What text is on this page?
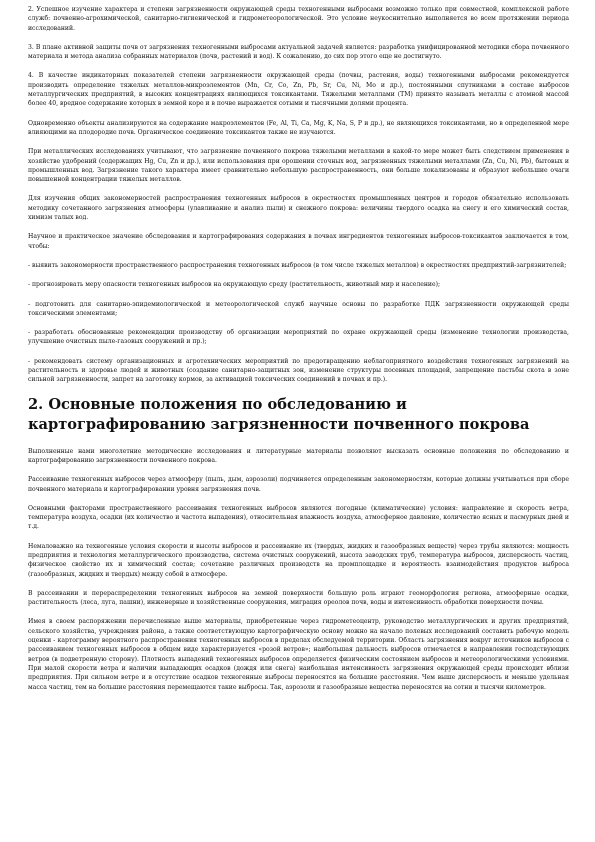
2. Успешное изучение характера и степени загрязненности окружающей среды техногенными выбросами возможно только при совместной, комплексной работе служб: почвенно-агрохимической, санитарно-гигиенической и гидрометеорологической. Это условие неукоснительно выполняется во всем протяжении периода исследований.

3. В плане активной защиты почв от загрязнения техногенными выбросами актуальной задачей является: разработка унифицированной методики сбора почвенного материала и метода анализа собранных материалов (почв, растений и вод). К сожалению, до сих пор этого еще не достигнуто.

4. В качестве индикаторных показателей степени загрязненности окружающей среды (почвы, растения, воды) техногенными выбросами рекомендуется производить определение тяжелых металлов-микроэлементов (Mn, Cr, Co, Zn, Pb, Sr, Cu, Ni, Mo и др.), постоянными спутниками в составе выбросов металлургических предприятий, в высоких концентрациях являющихся токсикантами. Тяжелыми металлами (ТМ) принято называть металлы с атомной массой более 40, вредное содержание которых в земной коре и в почве выражается сотыми и тысячными долями процента.

Одновременно объекты анализируются на содержание макроэлементов (Fe, Al, Ti, Ca, Mg, K, Na, S, P и др.), не являющихся токсикантами, но в определенной мере влияющими на плодородие почв. Органическое соединение токсикантов также не изучаются.

При металлических исследованиях учитывают, что загрязнение почвенного покрова тяжелыми металлами в какой-то мере может быть следствием применения в хозяйстве удобрений (содержащих Hg, Cu, Zn и др.), или использования при орошении сточных вод, загрязненных тяжелыми металлами (Zn, Cu, Ni, Pb), бытовых и промышленных вод. Загрязнение такого характера имеет сравнительно небольшую распространенность, они больше локализованы и образуют небольшие очаги повышенной концентрации тяжелых металлов.

Для изучения общих закономерностей распространения техногенных выбросов в окрестностях промышленных центров и городов обязательно использовать методику сочетанного загрязнения атмосферы (улавливание и анализ пыли) и снежного покрова: величины твердого осадка на снегу и его химический состав, химизм талых вод.

Научное и практическое значение обследования и картографирования содержания в почвах ингредиентов техногенных выбросов-токсикантов заключается в том, чтобы:

- выявить закономерности пространственного распространения техногенных выбросов (в том числе тяжелых металлов) в окрестностях предприятий-загрязнителей;

- прогнозировать меру опасности техногенных выбросов на окружающую среду (растительность, животный мир и население);

- подготовить для санитарно-эпидемиологической и метеорологической служб научные основы по разработке ПДК загрязненности окружающей среды токсическими элементами;

- разработать обоснованные рекомендации производству об организации мероприятий по охране окружающей среды (изменение технологии производства, улучшение очистных пыле-газовых сооружений и пр.);

- рекомендовать систему организационных и агротехнических мероприятий по предотвращению неблагоприятного воздействия техногенных загрязнений на растительность и здоровье людей и животных (создание санитарно-защитных зон, изменение структуры посевных площадей, запрещение пастьбы скота в зоне сильной загрязненности, запрет на заготовку кормов, за активацией токсических соединений в почвах и пр.).

2. Основные положения по обследованию и картографированию загрязненности почвенного покрова

Выполненные нами многолетние методические исследования и литературные материалы позволяют высказать основные положения по обследованию и картографированию загрязненности почвенного покрова.

Рассеивание техногенных выбросов через атмосферу (пыль, дым, аэрозоли) подчиняется определенным закономерностям, которые должны учитываться при сборе почвенного материала и картографировании уровня загрязнения почв.

Основными факторами пространственного рассеивания техногенных выбросов являются погодные (климатические) условия: направление и скорость ветра, температура воздуха, осадки (их количество и частота выпадения), относительная влажность воздуха, атмосферное давление, количество ясных и пасмурных дней и т.д.

Немаловажно на техногенные условия скорости и высоты выбросов и рассеивание их (твердых, жидких и газообразных веществ) через трубы являются: мощность предприятия и технология металлургического производства, система очистных сооружений, высота заводских труб, температура выбросов, дисперсность частиц, физическое свойство их и химический состав; сочетание различных производств на промплощадке и вероятность взаимодействия продуктов выброса (газообразных, жидких и твердых) между собой в атмосфере.

В рассеивании и перераспределении техногенных выбросов на земной поверхности большую роль играют геоморфология региона, атмосферные осадки, растительность (леса, луга, пашни), инженерные и хозяйственные сооружения, миграция ореолов почв, воды и интенсивность обработки поверхности почвы.

Имея в своем распоряжении перечисленные выше материалы, приобретенные через гидрометеоцентр, руководство металлургических и других предприятий, сельского хозяйства, учреждения района, а также соответствующую картографическую основу можно на начало полевых исследований составить рабочую модель оценки - картограмму вероятного распространения техногенных выбросов в пределах обследуемой территории. Область загрязнения вокруг источников выбросов с рассеиванием техногенных выбросов в общем виде характеризуется «розой ветров»; наибольшая дальность выбросов отмечается в направлении господствующих ветров (в подветренную сторону). Плотность выпадений техногенных выбросов определяется физическим состоянием выбросов и метеорологическими условиями. При малой скорости ветра и наличии выпадающих осадков (дождя или снега) наибольшая интенсивность загрязнения окружающей среды происходит вблизи предприятия. При сильном ветре и в отсутствие осадков техногенные выбросы переносятся на большие расстояния. Чем выше дисперсность и меньше удельная масса частиц, тем на большие расстояния перемещаются такие выбросы. Так, аэрозоли и газообразные вещества переносятся на сотни и тысячи километров.
